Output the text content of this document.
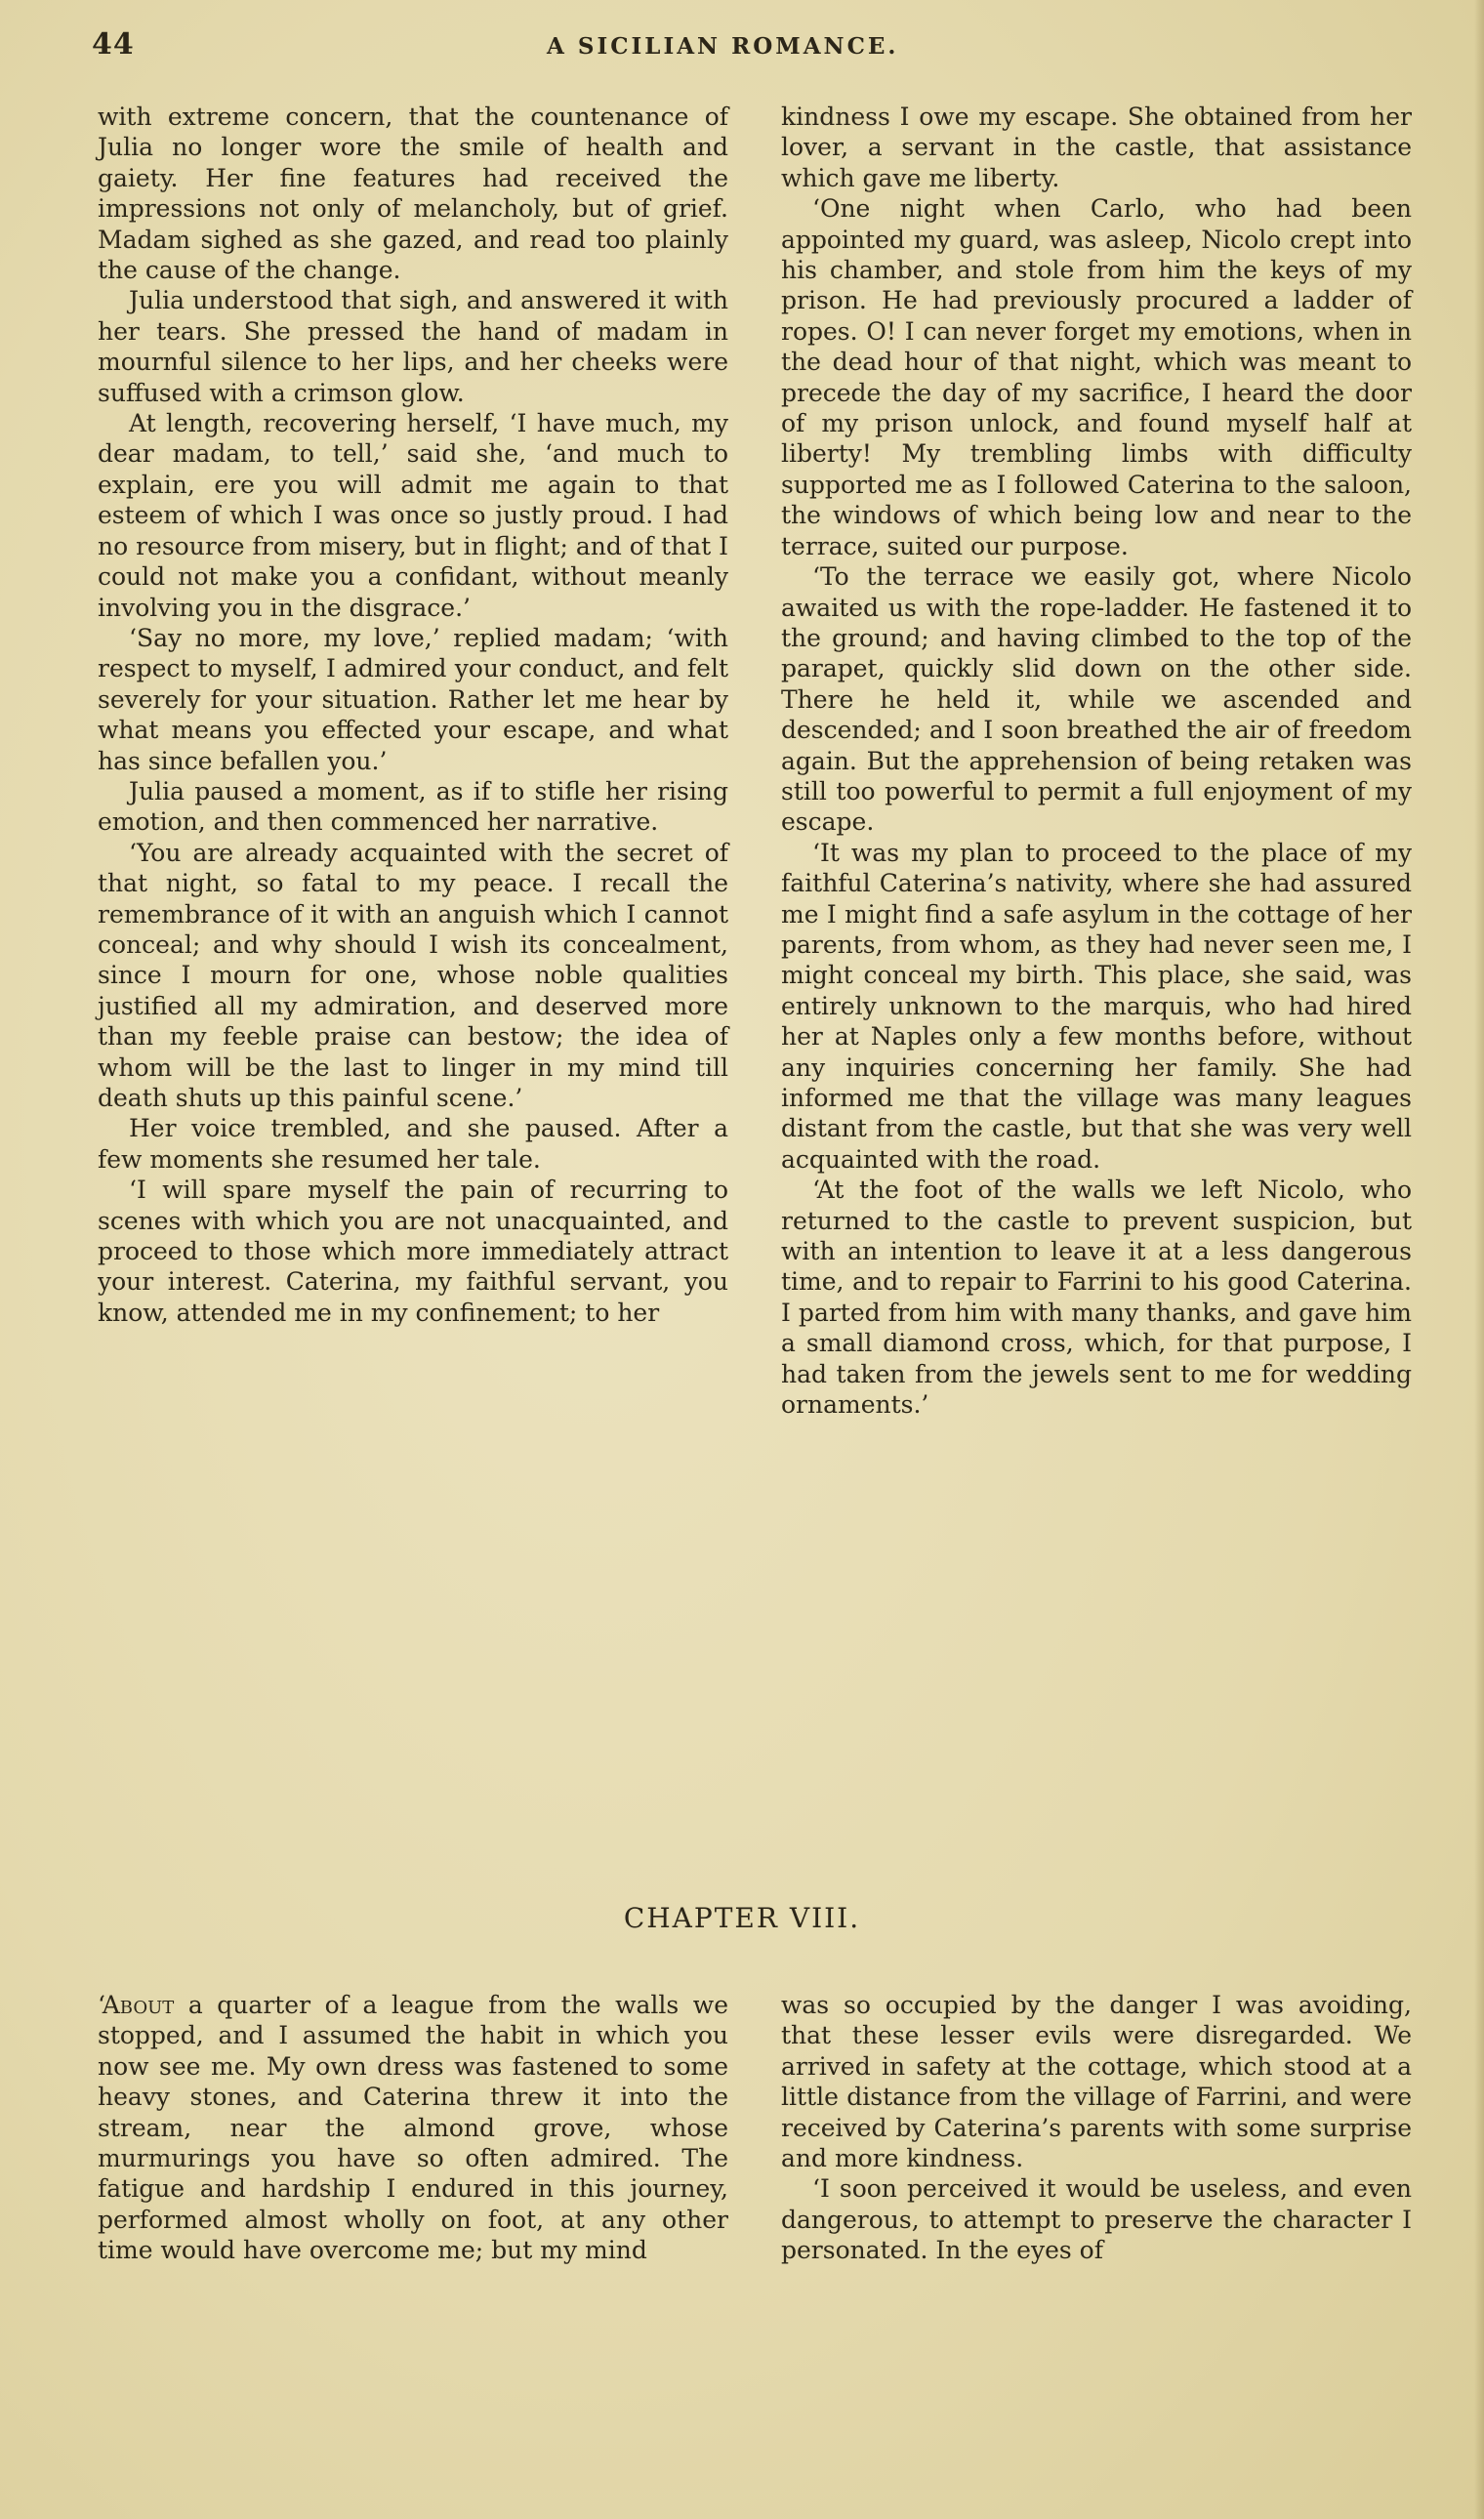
44	A SICILIAN ROMANCE.

with extreme concern, that the countenance of Julia no longer wore the smile of health and gaiety. Her fine features had received the impressions not only of melancholy, but of grief. Madam sighed as she gazed, and read too plainly the cause of the change.

Julia understood that sigh, and answered it with her tears. She pressed the hand of madam in mournful silence to her lips, and her cheeks were suffused with a crimson glow.

At length, recovering herself, ‘I have much, my dear madam, to tell,’ said she, ‘and much to explain, ere you will admit me again to that esteem of which I was once so justly proud. I had no resource from misery, but in flight; and of that I could not make you a confidant, without meanly involving you in the disgrace.’

‘Say no more, my love,’ replied madam; ‘with respect to myself, I admired your conduct, and felt severely for your situation. Rather let me hear by what means you effected your escape, and what has since befallen you.’

Julia paused a moment, as if to stifle her rising emotion, and then commenced her narrative.

‘You are already acquainted with the secret of that night, so fatal to my peace. I recall the remembrance of it with an anguish which I cannot conceal; and why should I wish its concealment, since I mourn for one, whose noble qualities justified all my admiration, and deserved more than my feeble praise can bestow; the idea of whom will be the last to linger in my mind till death shuts up this painful scene.’

Her voice trembled, and she paused. After a few moments she resumed her tale.

‘I will spare myself the pain of recurring to scenes with which you are not unacquainted, and proceed to those which more immediately attract your interest. Caterina, my faithful servant, you know, attended me in my confinement; to her

kindness I owe my escape. She obtained from her lover, a servant in the castle, that assistance which gave me liberty.

‘One night when Carlo, who had been appointed my guard, was asleep, Nicolo crept into his chamber, and stole from him the keys of my prison. He had previously procured a ladder of ropes. O! I can never forget my emotions, when in the dead hour of that night, which was meant to precede the day of my sacrifice, I heard the door of my prison unlock, and found myself half at liberty! My trembling limbs with difficulty supported me as I followed Caterina to the saloon, the windows of which being low and near to the terrace, suited our purpose.

‘To the terrace we easily got, where Nicolo awaited us with the rope-ladder. He fastened it to the ground; and having climbed to the top of the parapet, quickly slid down on the other side. There he held it, while we ascended and descended; and I soon breathed the air of freedom again. But the apprehension of being retaken was still too powerful to permit a full enjoyment of my escape.

‘It was my plan to proceed to the place of my faithful Caterina’s nativity, where she had assured me I might find a safe asylum in the cottage of her parents, from whom, as they had never seen me, I might conceal my birth. This place, she said, was entirely unknown to the marquis, who had hired her at Naples only a few months before, without any inquiries concerning her family. She had informed me that the village was many leagues distant from the castle, but that she was very well acquainted with the road.

‘At the foot of the walls we left Nicolo, who returned to the castle to prevent suspicion, but with an intention to leave it at a less dangerous time, and to repair to Farrini to his good Caterina. I parted from him with many thanks, and gave him a small diamond cross, which, for that purpose, I had taken from the jewels sent to me for wedding ornaments.’

CHAPTER VIII.

‘About a quarter of a league from the walls we stopped, and I assumed the habit in which you now see me. My own dress was fastened to some heavy stones, and Caterina threw it into the stream, near the almond grove, whose murmurings you have so often admired. The fatigue and hardship I endured in this journey, performed almost wholly on foot, at any other time would have overcome me; but my mind

was so occupied by the danger I was avoiding, that these lesser evils were disregarded. We arrived in safety at the cottage, which stood at a little distance from the village of Farrini, and were received by Caterina’s parents with some surprise and more kindness.

‘I soon perceived it would be useless, and even dangerous, to attempt to preserve the character I personated. In the eyes of
